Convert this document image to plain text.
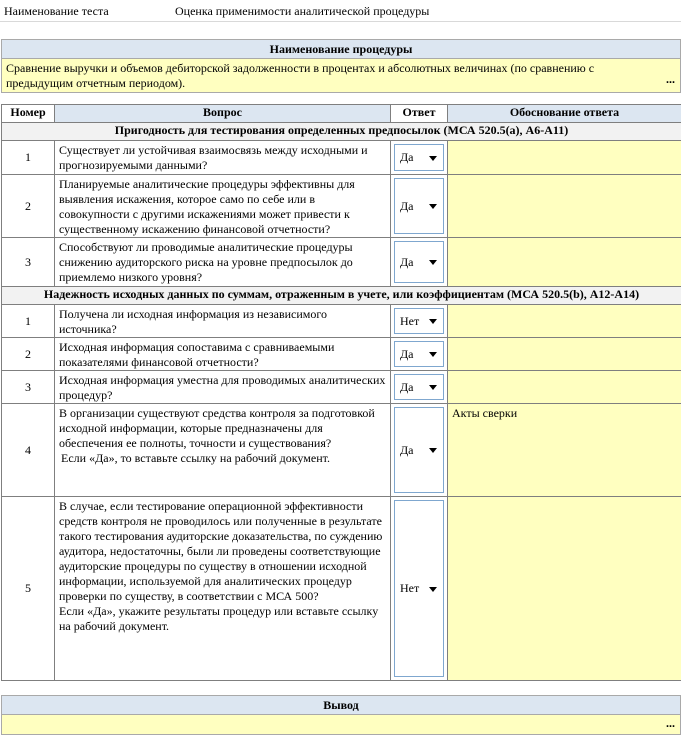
Наименование теста	Оценка применимости аналитической процедуры
Наименование процедуры
Сравнение выручки и объемов дебиторской задолженности в процентах и абсолютных величинах (по сравнению с предыдущим отчетным периодом).	...
Номер	Вопрос	Ответ	Обоснование ответа
Пригодность для тестирования определенных предпосылок (МСА 520.5(a), А6-А11)			
1	Существует ли устойчивая взаимосвязь между исходными и прогнозируемыми данными?	Да	

2	Планируемые аналитические процедуры эффективны для выявления искажения, которое само по себе или в совокупности с другими искажениями может привести к существенному искажению финансовой отчетности?	Да	

3	Способствуют ли проводимые аналитические процедуры снижению аудиторского риска на уровне предпосылок до приемлемо низкого уровня?	Да	

Надежность исходных данных по суммам, отраженным в учете, или коэффициентам (МСА 520.5(b), А12-А14)			
1	Получена ли исходная информация из независимого источника?	Нет	

2	Исходная информация сопоставима с сравниваемыми показателями финансовой отчетности?	Да	

3	Исходная информация уместна для проводимых аналитических процедур?	Да	

4	В организации существуют средства контроля за подготовкой исходной информации, которые предназначены для обеспечения ее полноты, точности и существования?
Если «Да», то вставьте ссылку на рабочий документ.	Да	Акты сверки
5	В случае, если тестирование операционной эффективности средств контроля не проводилось или полученные в результате такого тестирования аудиторские доказательства, по суждению аудитора, недостаточны, были ли проведены соответствующие аудиторские процедуры по существу в отношении исходной информации, используемой для аналитических процедур проверки по существу, в соответствии с МСА 500?
Если «Да», укажите результаты процедур или вставьте ссылку на рабочий документ.	Нет	

Вывод
...
